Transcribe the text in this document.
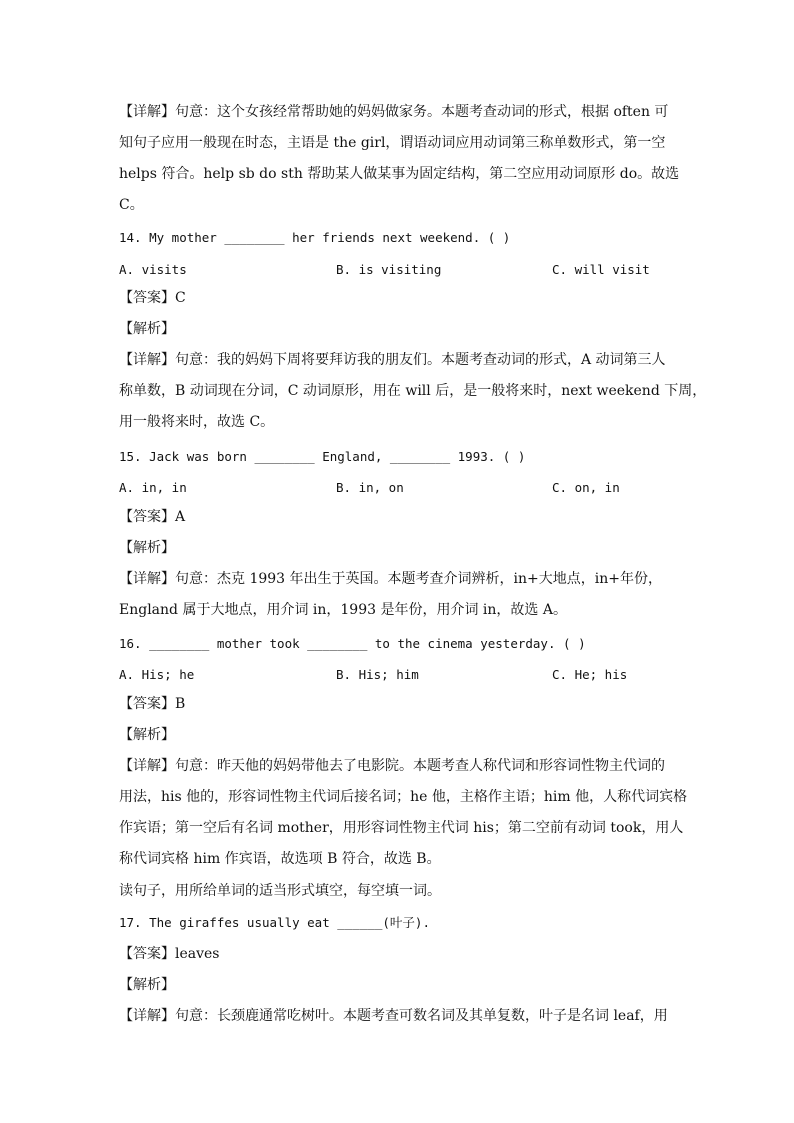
【详解】句意：这个女孩经常帮助她的妈妈做家务。本题考查动词的形式，根据 often 可
知句子应用一般现在时态，主语是 the girl，谓语动词应用动词第三称单数形式，第一空
helps 符合。help sb do sth 帮助某人做某事为固定结构，第二空应用动词原形 do。故选
C。
14. My mother ________ her friends next weekend. ( )
A. visits	B. is visiting	C. will visit
【答案】C
【解析】
【详解】句意：我的妈妈下周将要拜访我的朋友们。本题考查动词的形式，A 动词第三人
称单数，B 动词现在分词，C 动词原形，用在 will 后，是一般将来时，next weekend 下周，
用一般将来时，故选 C。
15. Jack was born ________ England, ________ 1993. ( )
A. in, in	B. in, on	C. on, in
【答案】A
【解析】
【详解】句意：杰克 1993 年出生于英国。本题考查介词辨析，in+大地点，in+年份，
England 属于大地点，用介词 in，1993 是年份，用介词 in，故选 A。
16. ________ mother took ________ to the cinema yesterday. ( )
A. His; he	B. His; him	C. He; his
【答案】B
【解析】
【详解】句意：昨天他的妈妈带他去了电影院。本题考查人称代词和形容词性物主代词的
用法，his 他的，形容词性物主代词后接名词；he 他，主格作主语；him 他，人称代词宾格
作宾语；第一空后有名词 mother，用形容词性物主代词 his；第二空前有动词 took，用人
称代词宾格 him 作宾语，故选项 B 符合，故选 B。
读句子，用所给单词的适当形式填空，每空填一词。
17. The giraffes usually eat ______(叶子).
【答案】leaves
【解析】
【详解】句意：长颈鹿通常吃树叶。本题考查可数名词及其单复数，叶子是名词 leaf，用
